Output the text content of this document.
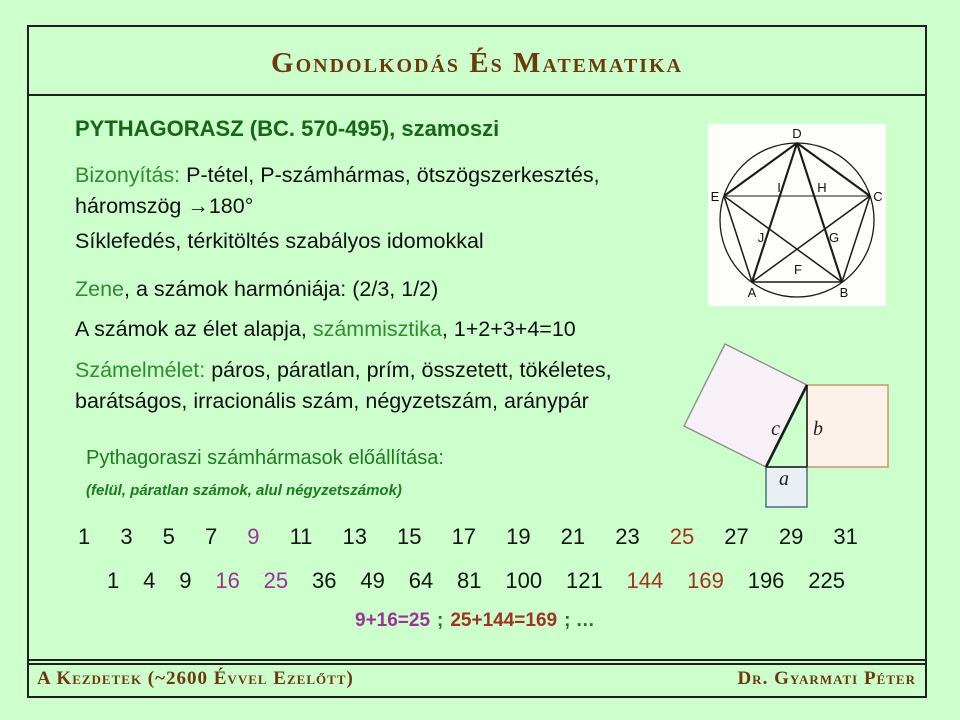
Gondolkodás És Matematika
PYTHAGORASZ (BC. 570-495), szamoszi
Bizonyítás: P-tétel, P-számhármas, ötszögszerkesztés,
háromszög →180°
Síklefedés, térkitöltés szabályos idomokkal
Zene, a számok harmóniája: (2/3, 1/2)
A számok az élet alapja, számmisztika, 1+2+3+4=10
Számelmélet: páros, páratlan, prím, összetett, tökéletes,
barátságos, irracionális szám, négyzetszám, aránypár
Pythagoraszi számhármasok előállítása:
(felül, páratlan számok, alul négyzetszámok)
1 3 5 7 9 11 13 15 17 19 21 23 25 27 29 31
1 4 9 16 25 36 49 64 81 100 121 144 169 196 225
9+16=25 ; 25+144=169 ; …
A Kezdetek (~2600 Évvel Ezelőtt)	Dr. Gyarmati Péter
D
E	C
A	B
I	H
J	G
F
c b
a
